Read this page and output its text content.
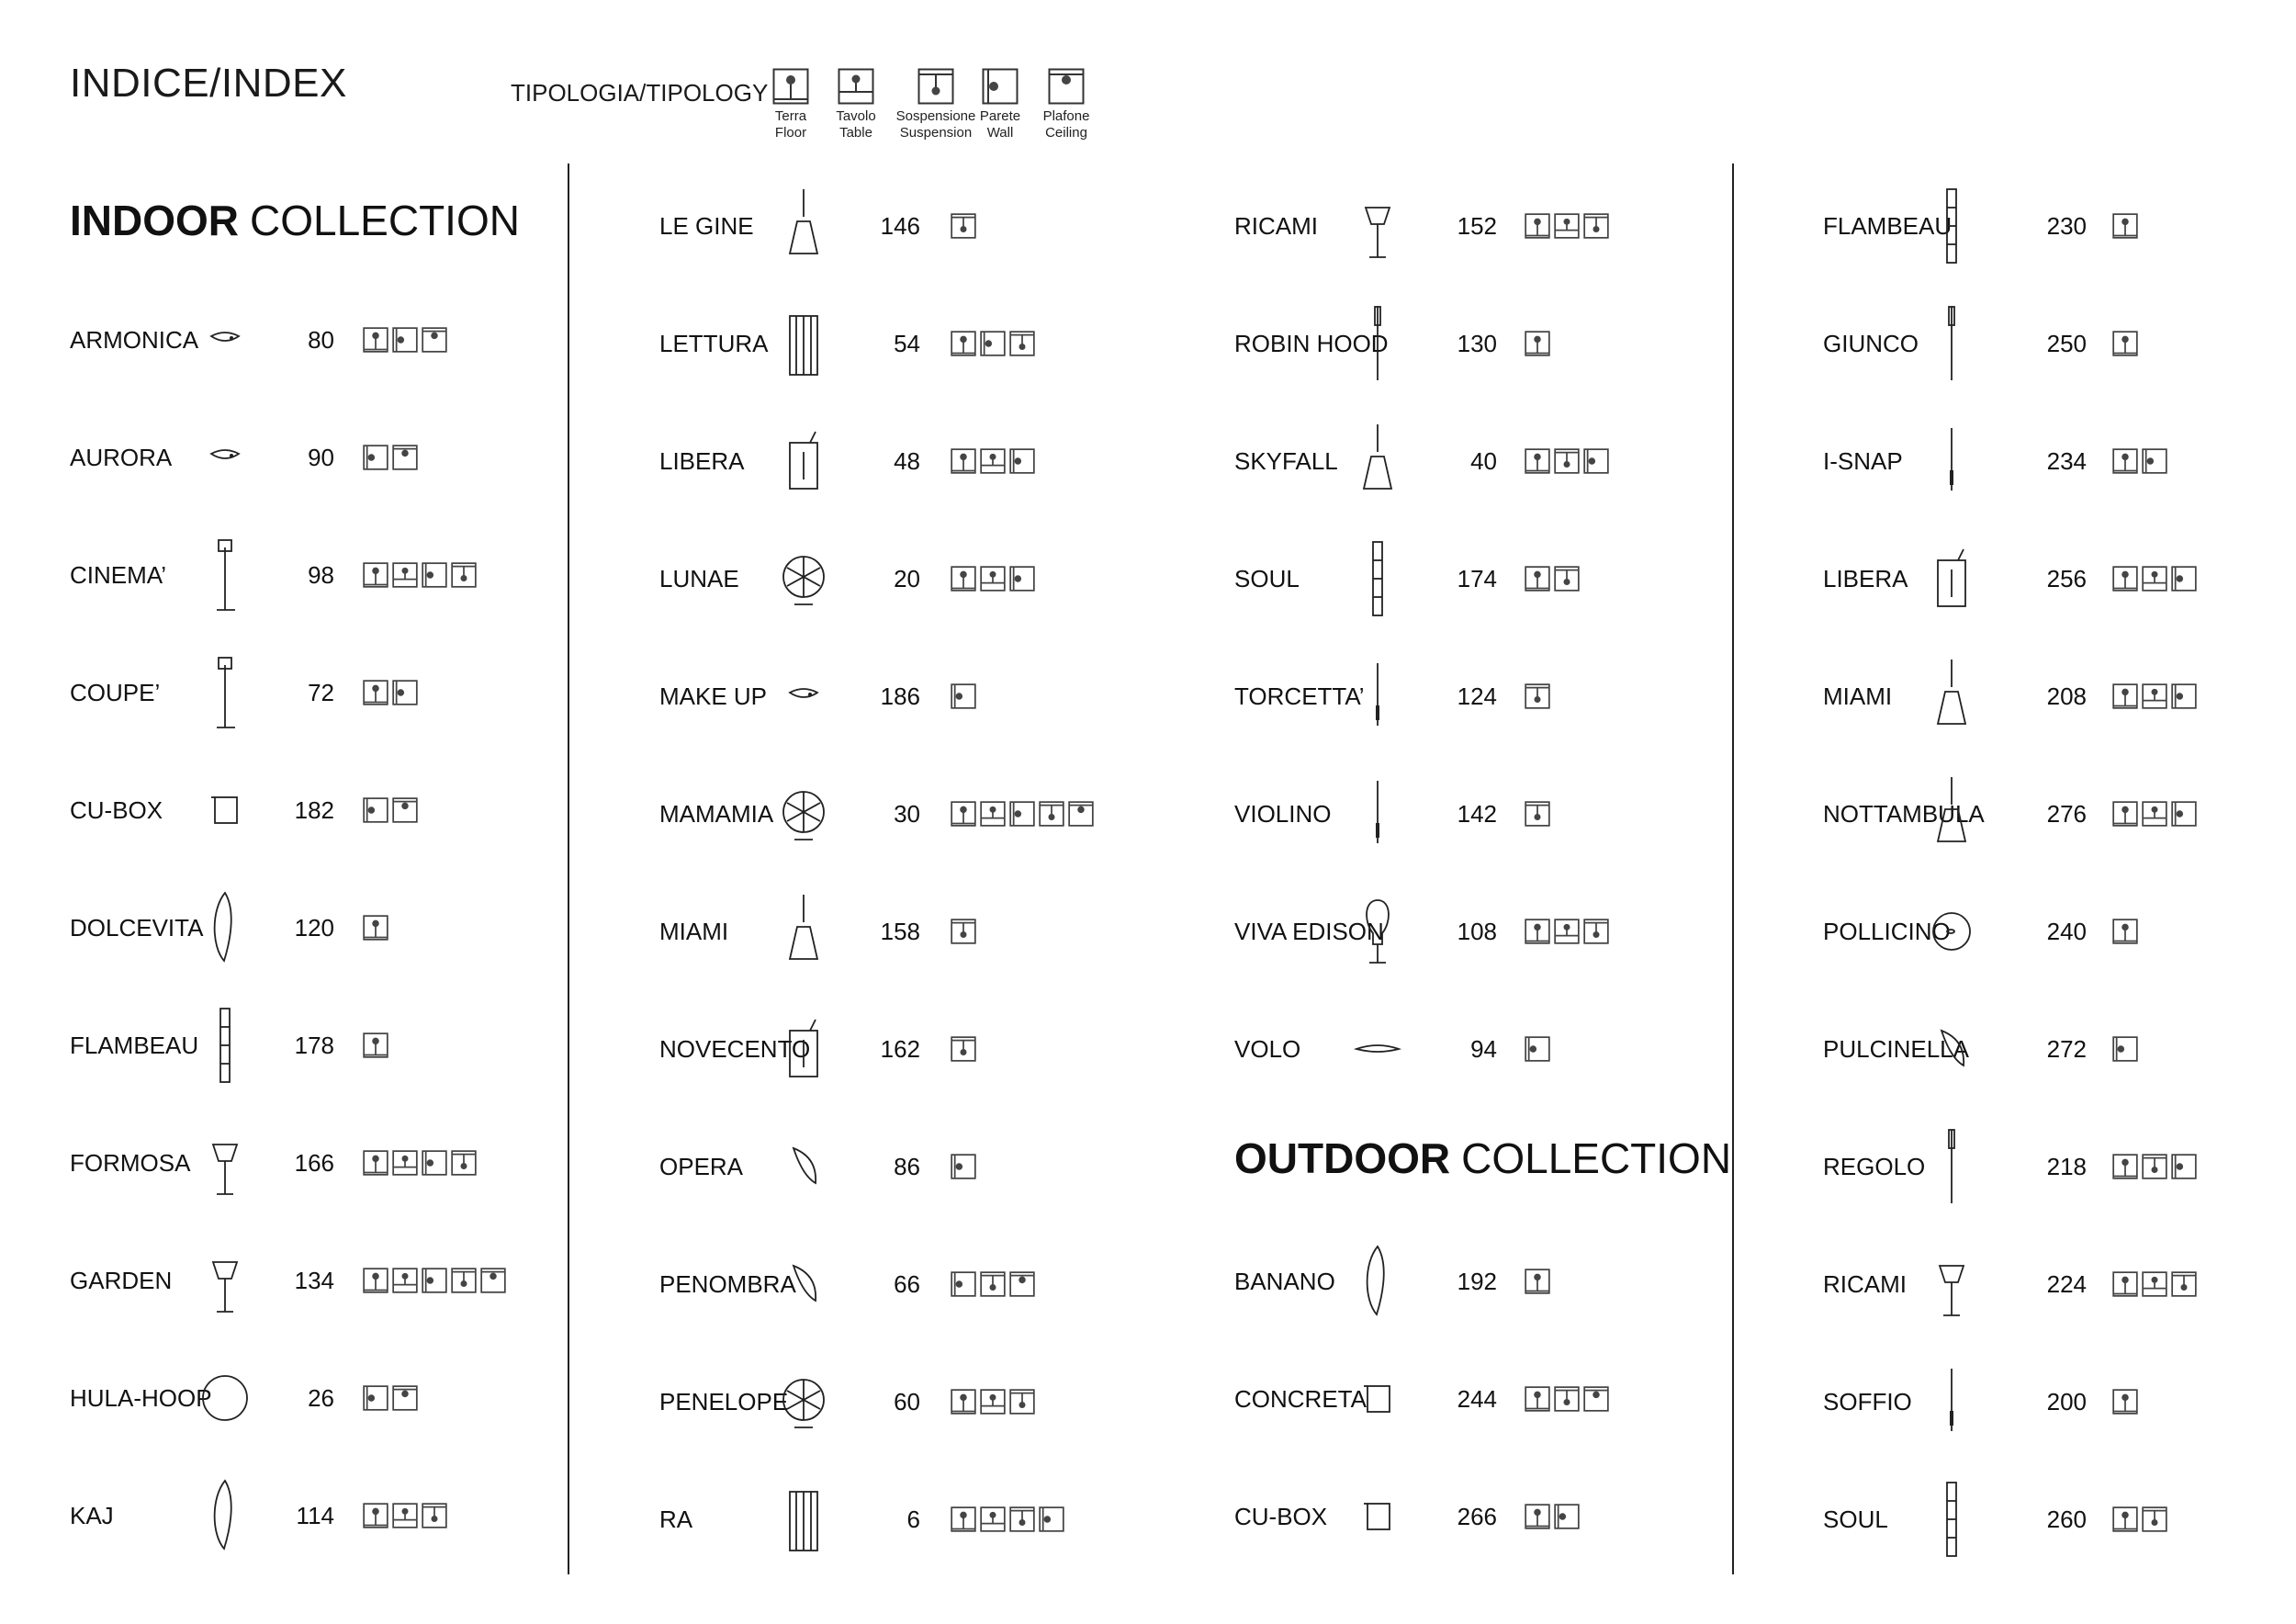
INDICE/INDEX	TIPOLOGIA/TIPOLOGY
Terra
Floor
Tavolo
Table
Sospensione
Suspension
Parete
Wall
Plafone
Ceiling
INDOOR COLLECTION
OUTDOOR COLLECTION
ARMONICA	80
AURORA	90
CINEMA’	98
COUPE’	72
CU-BOX	182
DOLCEVITA	120
FLAMBEAU	178
FORMOSA	166
GARDEN	134
HULA-HOOP	26
KAJ	114
LE GINE	146
LETTURA	54
LIBERA	48
LUNAE	20
MAKE UP	186
MAMAMIA	30
MIAMI	158
NOVECENTO	162
OPERA	86
PENOMBRA	66
PENELOPE	60
RA	6
RICAMI	152
ROBIN HOOD	130
SKYFALL	40
SOUL	174
TORCETTA’	124
VIOLINO	142
VIVA EDISON	108
VOLO	94
BANANO	192
CONCRETA	244
CU-BOX	266
FLAMBEAU	230
GIUNCO	250
I-SNAP	234
LIBERA	256
MIAMI	208
NOTTAMBULA	276
POLLICINO	240
PULCINELLA	272
REGOLO	218
RICAMI	224
SOFFIO	200
SOUL	260
